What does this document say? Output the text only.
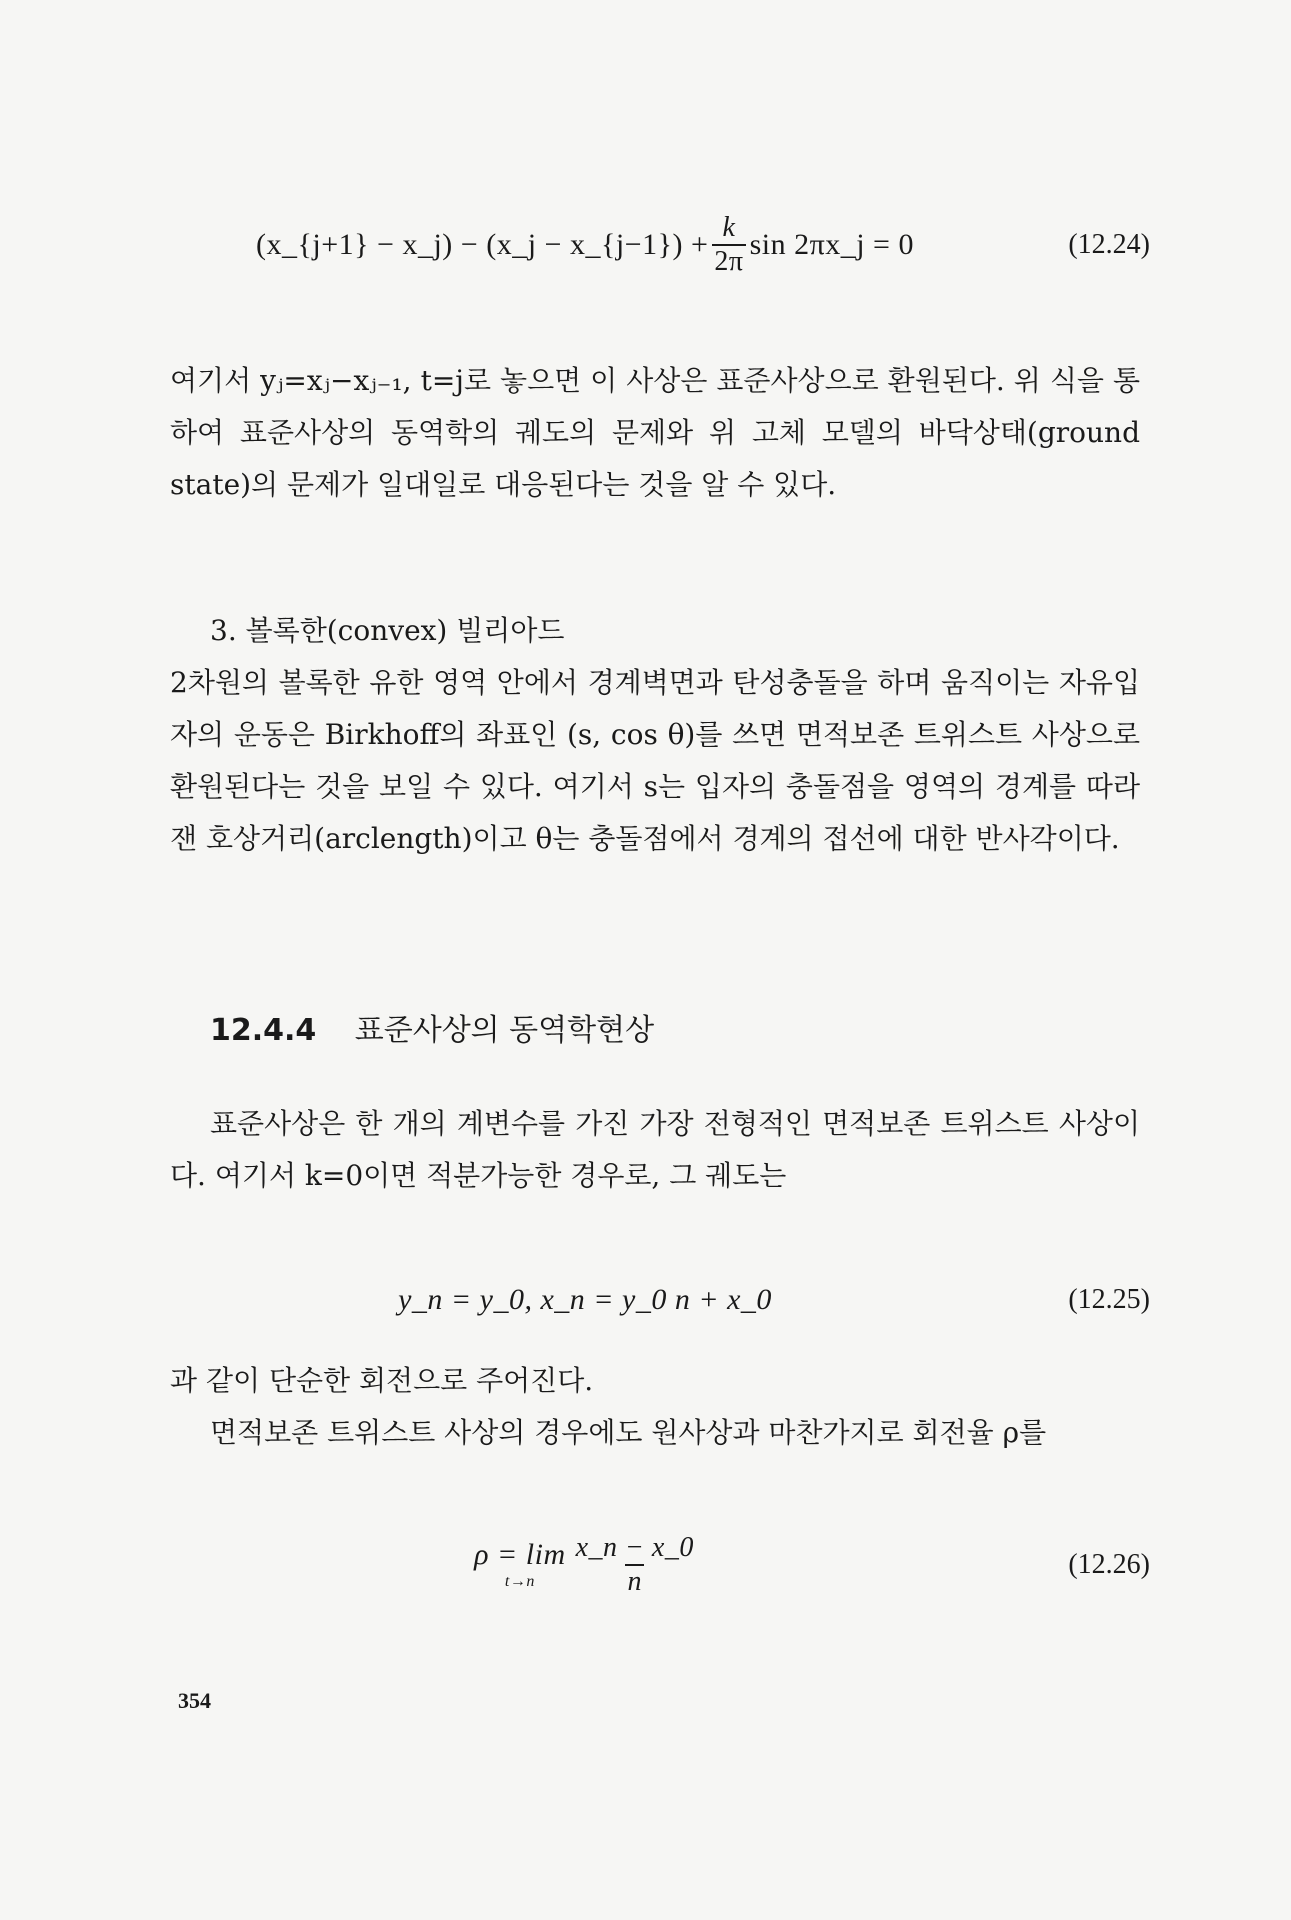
(x_{j+1} − x_j) − (x_j − x_{j−1}) + $\frac{k}{2\pi}$ sin 2πx_j = 0	(12.24)

여기서 yⱼ=xⱼ−xⱼ₋₁, t=j로 놓으면 이 사상은 표준사상으로 환원된다. 위 식을 통하여 표준사상의 동역학의 궤도의 문제와 위 고체 모델의 바닥상태(ground state)의 문제가 일대일로 대응된다는 것을 알 수 있다.

3. 볼록한(convex) 빌리아드

2차원의 볼록한 유한 영역 안에서 경계벽면과 탄성충돌을 하며 움직이는 자유입자의 운동은 Birkhoff의 좌표인 (s, cos θ)를 쓰면 면적보존 트위스트 사상으로 환원된다는 것을 보일 수 있다. 여기서 s는 입자의 충돌점을 영역의 경계를 따라 잰 호상거리(arclength)이고 θ는 충돌점에서 경계의 접선에 대한 반사각이다.

12.4.4 표준사상의 동역학현상

표준사상은 한 개의 계변수를 가진 가장 전형적인 면적보존 트위스트 사상이다. 여기서 k=0이면 적분가능한 경우로, 그 궤도는

y_n = y_0, x_n = y_0 n + x_0	(12.25)

과 같이 단순한 회전으로 주어진다.

면적보존 트위스트 사상의 경우에도 원사상과 마찬가지로 회전율 ρ를

ρ = lim
$t\to n \frac{x\_n - x\_0}{n}$	(12.26)
354
